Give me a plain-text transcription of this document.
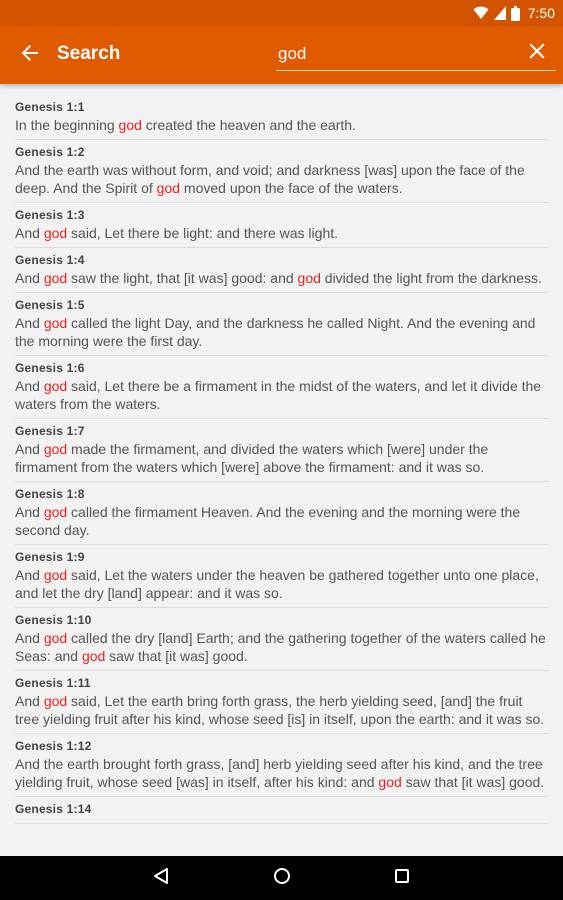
7:50
Search
god
Genesis 1:1
In the beginning god created the heaven and the earth.
Genesis 1:2
And the earth was without form, and void; and darkness [was] upon the face of the deep. And the Spirit of god moved upon the face of the waters.
Genesis 1:3
And god said, Let there be light: and there was light.
Genesis 1:4
And god saw the light, that [it was] good: and god divided the light from the darkness.
Genesis 1:5
And god called the light Day, and the darkness he called Night. And the evening and the morning were the first day.
Genesis 1:6
And god said, Let there be a firmament in the midst of the waters, and let it divide the waters from the waters.
Genesis 1:7
And god made the firmament, and divided the waters which [were] under the firmament from the waters which [were] above the firmament: and it was so.
Genesis 1:8
And god called the firmament Heaven. And the evening and the morning were the second day.
Genesis 1:9
And god said, Let the waters under the heaven be gathered together unto one place, and let the dry [land] appear: and it was so.
Genesis 1:10
And god called the dry [land] Earth; and the gathering together of the waters called he Seas: and god saw that [it was] good.
Genesis 1:11
And god said, Let the earth bring forth grass, the herb yielding seed, [and] the fruit tree yielding fruit after his kind, whose seed [is] in itself, upon the earth: and it was so.
Genesis 1:12
And the earth brought forth grass, [and] herb yielding seed after his kind, and the tree yielding fruit, whose seed [was] in itself, after his kind: and god saw that [it was] good.
Genesis 1:14
